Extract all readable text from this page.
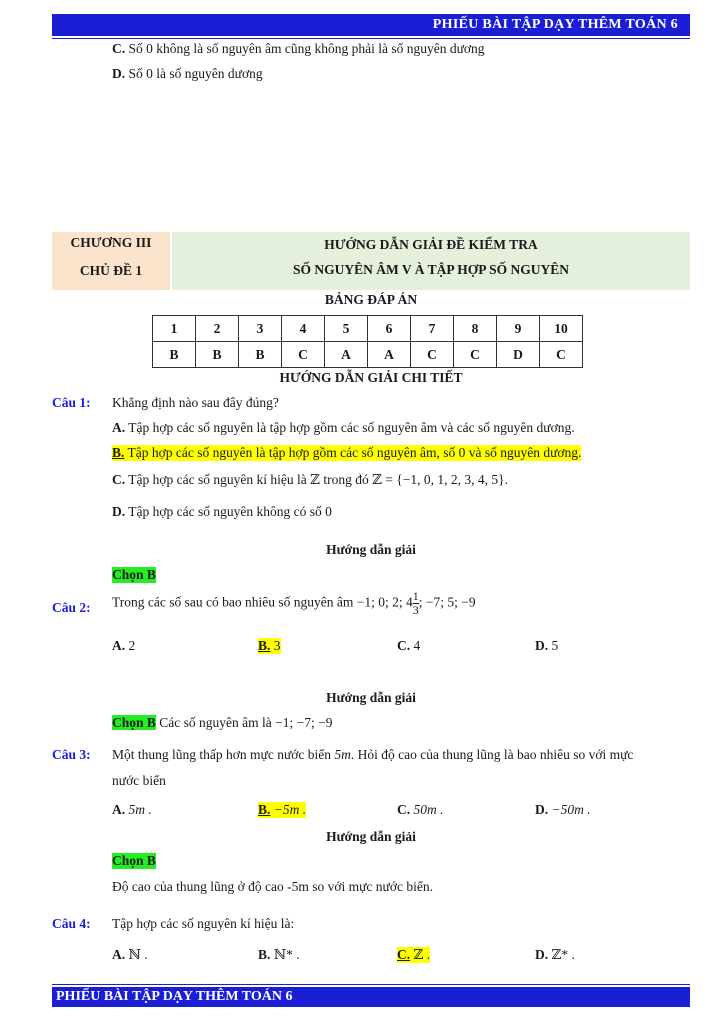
PHIẾU BÀI TẬP DẠY THÊM TOÁN 6
C. Số 0 không là số nguyên âm cũng không phải là số nguyên dương
D. Số 0 là số nguyên dương
CHƯƠNG III
CHỦ ĐỀ 1
HƯỚNG DẪN GIẢI ĐỀ KIỂM TRA
SỐ NGUYÊN ÂM V À TẬP HỢP SỐ NGUYÊN
BẢNG ĐÁP ÁN
1	2	3	4	5	6	7	8	9	10
B	B	B	C	A	A	C	C	D	C
HƯỚNG DẪN GIẢI CHI TIẾT
Câu 1: Khẳng định nào sau đây đúng?
A. Tập hợp các số nguyên là tập hợp gồm các số nguyên âm và các số nguyên dương.
B. Tập hợp các số nguyên là tập hợp gồm các số nguyên âm, số 0 và số nguyên dương.
C. Tập hợp các số nguyên kí hiệu là ℤ trong đó ℤ = {−1, 0, 1, 2, 3, 4, 5}.
D. Tập hợp các số nguyên không có số 0
Hướng dẫn giải
Chọn B
Câu 2: Trong các số sau có bao nhiêu số nguyên âm −1; 0; 2; $4 \frac{1}{3}$ ; −7; 5; −9
A. 2	B. 3	C. 4	D. 5
Hướng dẫn giải
Chọn B Các số nguyên âm là −1; −7; −9
Câu 3: Một thung lũng thấp hơn mực nước biển 5m. Hỏi độ cao của thung lũng là bao nhiêu so với mực
nước biển
A. 5m .	B. −5m .	C. 50m .	D. −50m .
Hướng dẫn giải
Chọn B
Độ cao của thung lũng ở độ cao -5m so với mực nước biển.
Câu 4: Tập hợp các số nguyên kí hiệu là:
A. ℕ .	B. ℕ* .	C. ℤ .	D. ℤ* .
PHIẾU BÀI TẬP DẠY THÊM TOÁN 6
